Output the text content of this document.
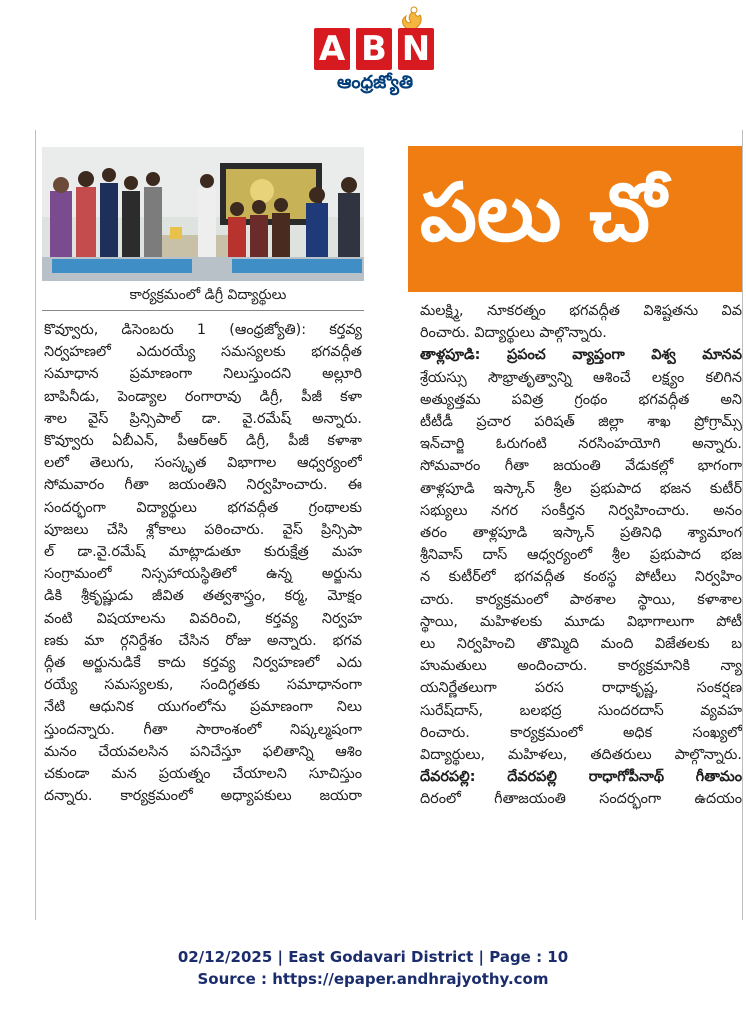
A B N
ఆంధ్రజ్యోతి
కార్యక్రమంలో డిగ్రీ విద్యార్థులు
పలు చో

కొవ్వూరు, డిసెంబరు 1 (ఆంధ్రజ్యోతి): కర్తవ్య
నిర్వహణలో ఎదురయ్యే సమస్యలకు భగవద్గీత
సమాధాన ప్రమాణంగా నిలుస్తుందని అల్లూరి
బాపినీడు, పెండ్యాల రంగారావు డిగ్రీ, పీజీ కళా
శాల వైస్ ప్రిన్సిపాల్ డా. వై.రమేష్ అన్నారు.
కొవ్వూరు ఏబీఎన్, పీఆర్ఆర్ డిగ్రీ, పీజీ కళాశా
లలో తెలుగు, సంస్కృత విభాగాల ఆధ్వర్యంలో
సోమవారం గీతా జయంతిని నిర్వహించారు. ఈ
సందర్భంగా విద్యార్థులు భగవద్గీత గ్రంథాలకు
పూజలు చేసి శ్లోకాలు పఠించారు. వైస్ ప్రిన్సిపా
ల్ డా.వై.రమేష్ మాట్లాడుతూ కురుక్షేత్ర మహ
సంగ్రామంలో నిస్సహాయస్థితిలో ఉన్న అర్జును
డికి శ్రీకృష్ణుడు జీవిత తత్వశాస్త్రం, కర్మ, మోక్షం
వంటి విషయాలను వివరించి, కర్తవ్య నిర్వహ
ణకు మా ర్గనిర్దేశం చేసిన రోజు అన్నారు. భగవ
ద్గీత అర్జునుడికే కాదు కర్తవ్య నిర్వహణలో ఎదు
రయ్యే సమస్యలకు, సందిగ్ధతకు సమాధానంగా
నేటి ఆధునిక యుగంలోను ప్రమాణంగా నిలు
స్తుందన్నారు. గీతా సారాంశంలో నిష్కల్మషంగా
మనం చేయవలసిన పనిచేస్తూ ఫలితాన్ని ఆశిం
చకుండా మన ప్రయత్నం చేయాలని సూచిస్తుం
దన్నారు. కార్యక్రమంలో అధ్యాపకులు జయరా

మలక్ష్మి, నూకరత్నం భగవద్గీత విశిష్టతను వివ
రించారు. విద్యార్థులు పాల్గొన్నారు.
తాళ్లపూడి: ప్రపంచ వ్యాప్తంగా విశ్వ మానవ
శ్రేయస్సు సౌభ్రాతృత్వాన్ని ఆశించే లక్ష్యం కలిగిన
అత్యుత్తమ పవిత్ర గ్రంథం భగవద్గీత అని
టీటీడీ ప్రచార పరిషత్ జిల్లా శాఖ ప్రోగ్రామ్స్
ఇన్‌చార్జి ఓరుగంటి నరసింహయోగి అన్నారు.
సోమవారం గీతా జయంతి వేడుకల్లో భాగంగా
తాళ్లపూడి ఇస్కాన్ శ్రీల ప్రభుపాద భజన కుటీర్
సభ్యులు నగర సంకీర్తన నిర్వహించారు. అనం
తరం తాళ్లపూడి ఇస్కాన్ ప్రతినిధి శ్యామాంగ
శ్రీనివాస్ దాస్ ఆధ్వర్యంలో శ్రీల ప్రభుపాద భజ
న కుటీర్‌లో భగవద్గీత కంఠస్థ పోటీలు నిర్వహిం
చారు. కార్యక్రమంలో పాఠశాల స్థాయి, కళాశాల
స్థాయి, మహిళలకు మూడు విభాగాలుగా పోటీ
లు నిర్వహించి తొమ్మిది మంది విజేతలకు బ
హుమతులు అందించారు. కార్యక్రమానికి న్యా
యనిర్ణేతలుగా పరస రాధాకృష్ణ, సంకర్షణ
సురేష్‌దాస్, బలభద్ర సుందరదాస్ వ్యవహ
రించారు. కార్యక్రమంలో అధిక సంఖ్యలో
విద్యార్థులు, మహిళలు, తదితరులు పాల్గొన్నారు.
దేవరపల్లి: దేవరపల్లి రాధాగోపీనాథ్ గీతామం
దిరంలో గీతాజయంతి సందర్భంగా ఉదయం

02/12/2025 | East Godavari District | Page : 10
Source : https://epaper.andhrajyothy.com
